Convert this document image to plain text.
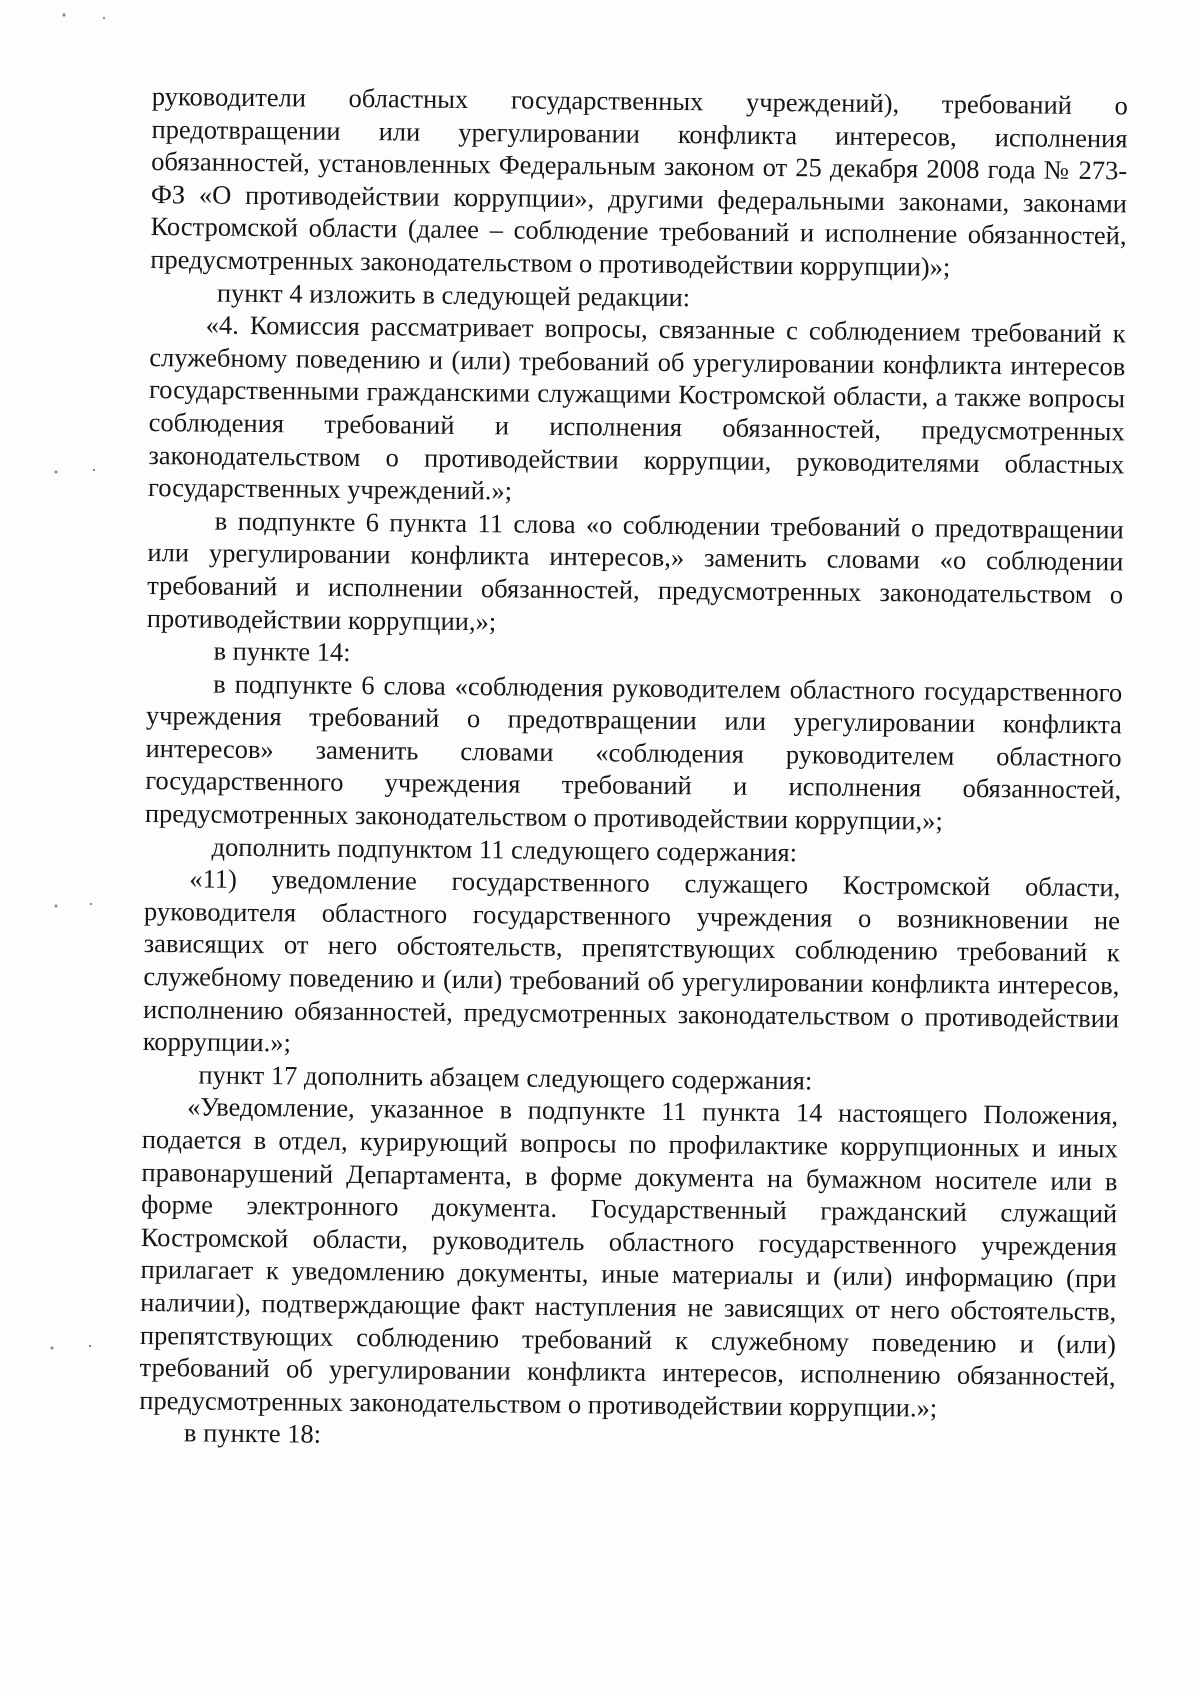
руководители областных государственных учреждений), требований о предотвращении или урегулировании конфликта интересов, исполнения обязанностей, установленных Федеральным законом от 25 декабря 2008 года № 273-ФЗ «О противодействии коррупции», другими федеральными законами, законами Костромской области (далее – соблюдение требований и исполнение обязанностей, предусмотренных законодательством о противодействии коррупции)»;

пункт 4 изложить в следующей редакции:

«4. Комиссия рассматривает вопросы, связанные с соблюдением требований к служебному поведению и (или) требований об урегулировании конфликта интересов государственными гражданскими служащими Костромской области, а также вопросы соблюдения требований и исполнения обязанностей, предусмотренных законодательством о противодействии коррупции, руководителями областных государственных учреждений.»;

в подпункте 6 пункта 11 слова «о соблюдении требований о предотвращении или урегулировании конфликта интересов,» заменить словами «о соблюдении требований и исполнении обязанностей, предусмотренных законодательством о противодействии коррупции,»;

в пункте 14:

в подпункте 6 слова «соблюдения руководителем областного государственного учреждения требований о предотвращении или урегулировании конфликта интересов» заменить словами «соблюдения руководителем областного государственного учреждения требований и исполнения обязанностей, предусмотренных законодательством о противодействии коррупции,»;

дополнить подпунктом 11 следующего содержания:

«11) уведомление государственного служащего Костромской области, руководителя областного государственного учреждения о возникновении не зависящих от него обстоятельств, препятствующих соблюдению требований к служебному поведению и (или) требований об урегулировании конфликта интересов, исполнению обязанностей, предусмотренных законодательством о противодействии коррупции.»;

пункт 17 дополнить абзацем следующего содержания:

«Уведомление, указанное в подпункте 11 пункта 14 настоящего Положения, подается в отдел, курирующий вопросы по профилактике коррупционных и иных правонарушений Департамента, в форме документа на бумажном носителе или в форме электронного документа. Государственный гражданский служащий Костромской области, руководитель областного государственного учреждения прилагает к уведомлению документы, иные материалы и (или) информацию (при наличии), подтверждающие факт наступления не зависящих от него обстоятельств, препятствующих соблюдению требований к служебному поведению и (или) требований об урегулировании конфликта интересов, исполнению обязанностей, предусмотренных законодательством о противодействии коррупции.»;

в пункте 18:
